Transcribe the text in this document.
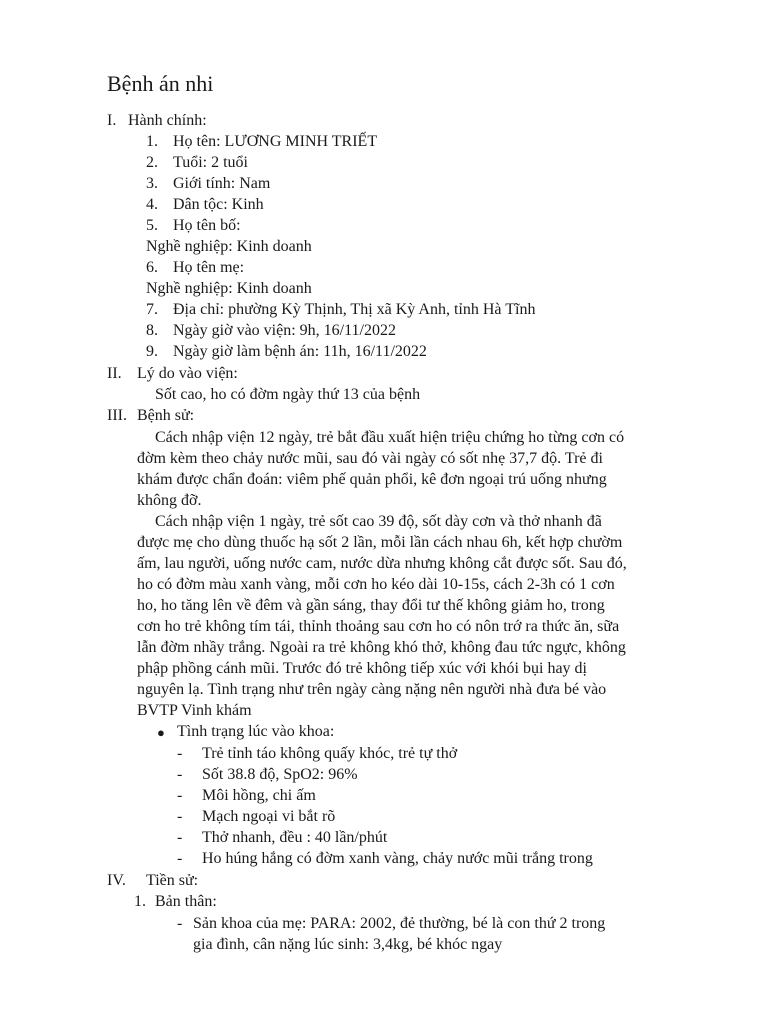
Bệnh án nhi
I. Hành chính:
1. Họ tên: LƯƠNG MINH TRIẾT
2. Tuổi: 2 tuổi
3. Giới tính: Nam
4. Dân tộc: Kinh
5. Họ tên bố:
Nghề nghiệp: Kinh doanh
6. Họ tên mẹ:
Nghề nghiệp: Kinh doanh
7. Địa chỉ: phường Kỳ Thịnh, Thị xã Kỳ Anh, tỉnh Hà Tĩnh
8. Ngày giờ vào viện: 9h, 16/11/2022
9. Ngày giờ làm bệnh án: 11h, 16/11/2022
II. Lý do vào viện:
Sốt cao, ho có đờm ngày thứ 13 của bệnh
III. Bệnh sử:
Cách nhập viện 12 ngày, trẻ bắt đầu xuất hiện triệu chứng ho từng cơn có
đờm kèm theo chảy nước mũi, sau đó vài ngày có sốt nhẹ 37,7 độ. Trẻ đi
khám được chẩn đoán: viêm phế quản phổi, kê đơn ngoại trú uống nhưng
không đỡ.
Cách nhập viện 1 ngày, trẻ sốt cao 39 độ, sốt dày cơn và thở nhanh đã
được mẹ cho dùng thuốc hạ sốt 2 lần, mỗi lần cách nhau 6h, kết hợp chườm
ấm, lau người, uống nước cam, nước dừa nhưng không cắt được sốt. Sau đó,
ho có đờm màu xanh vàng, mỗi cơn ho kéo dài 10-15s, cách 2-3h có 1 cơn
ho, ho tăng lên về đêm và gần sáng, thay đổi tư thế không giảm ho, trong
cơn ho trẻ không tím tái, thỉnh thoảng sau cơn ho có nôn trớ ra thức ăn, sữa
lẫn đờm nhầy trắng. Ngoài ra trẻ không khó thở, không đau tức ngực, không
phập phồng cánh mũi. Trước đó trẻ không tiếp xúc với khói bụi hay dị
nguyên lạ. Tình trạng như trên ngày càng nặng nên người nhà đưa bé vào
BVTP Vinh khám
● Tình trạng lúc vào khoa:
- Trẻ tỉnh táo không quấy khóc, trẻ tự thở
- Sốt 38.8 độ, SpO2: 96%
- Môi hồng, chi ấm
- Mạch ngoại vi bắt rõ
- Thở nhanh, đều : 40 lần/phút
- Ho húng hắng có đờm xanh vàng, chảy nước mũi trắng trong
IV. Tiền sử:
1. Bản thân:
- Sản khoa của mẹ: PARA: 2002, đẻ thường, bé là con thứ 2 trong
gia đình, cân nặng lúc sinh: 3,4kg, bé khóc ngay
